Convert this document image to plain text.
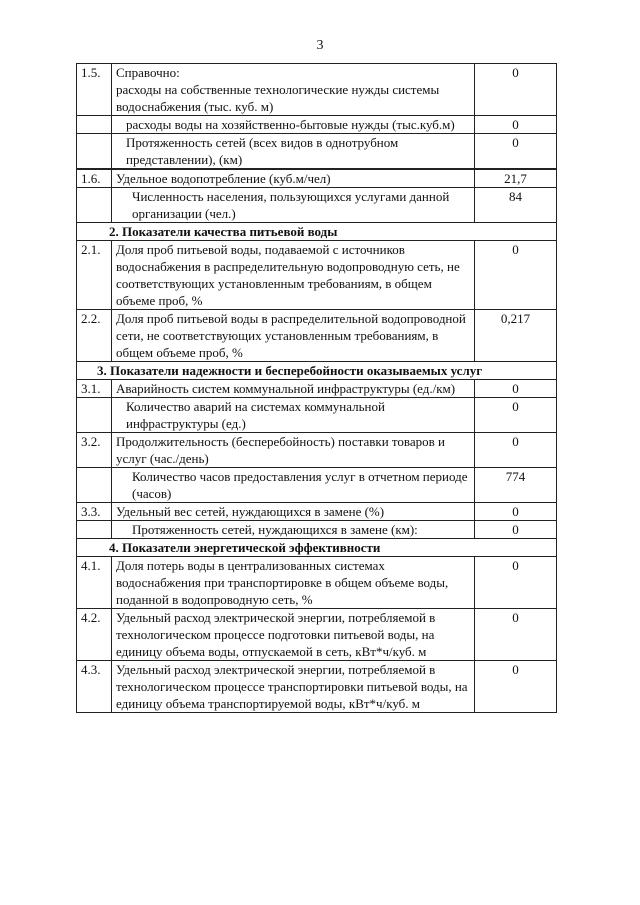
3
1.5.	Справочно:
расходы на собственные технологические нужды системы водоснабжения (тыс. куб. м)	0
	расходы воды на хозяйственно-бытовые нужды (тыс.куб.м)	0
	Протяженность сетей (всех видов в однотрубном представлении), (км)	0
1.6.	Удельное водопотребление (куб.м/чел)	21,7
	Численность населения, пользующихся услугами данной организации (чел.)	84
2. Показатели качества питьевой воды		
2.1.	Доля проб питьевой воды, подаваемой с источников водоснабжения в распределительную водопроводную сеть, не соответствующих установленным требованиям, в общем объеме проб, %	0
2.2.	Доля проб питьевой воды в распределительной водопроводной сети, не соответствующих установленным требованиям, в общем объеме проб, %	0,217
3. Показатели надежности и бесперебойности оказываемых услуг		
3.1.	Аварийность систем коммунальной инфраструктуры (ед./км)	0
	Количество аварий на системах коммунальной инфраструктуры (ед.)	0
3.2.	Продолжительность (бесперебойность) поставки товаров и услуг (час./день)	0
	Количество часов предоставления услуг в отчетном периоде (часов)	774
3.3.	Удельный вес сетей, нуждающихся в замене (%)	0
	Протяженность сетей, нуждающихся в замене (км):	0
4. Показатели энергетической эффективности		
4.1.	Доля потерь воды в централизованных системах водоснабжения при транспортировке в общем объеме воды, поданной в водопроводную сеть, %	0
4.2.	Удельный расход электрической энергии, потребляемой в технологическом процессе подготовки питьевой воды, на единицу объема воды, отпускаемой в сеть, кВт*ч/куб. м	0
4.3.	Удельный расход электрической энергии, потребляемой в технологическом процессе транспортировки питьевой воды, на единицу объема транспортируемой воды, кВт*ч/куб. м	0
